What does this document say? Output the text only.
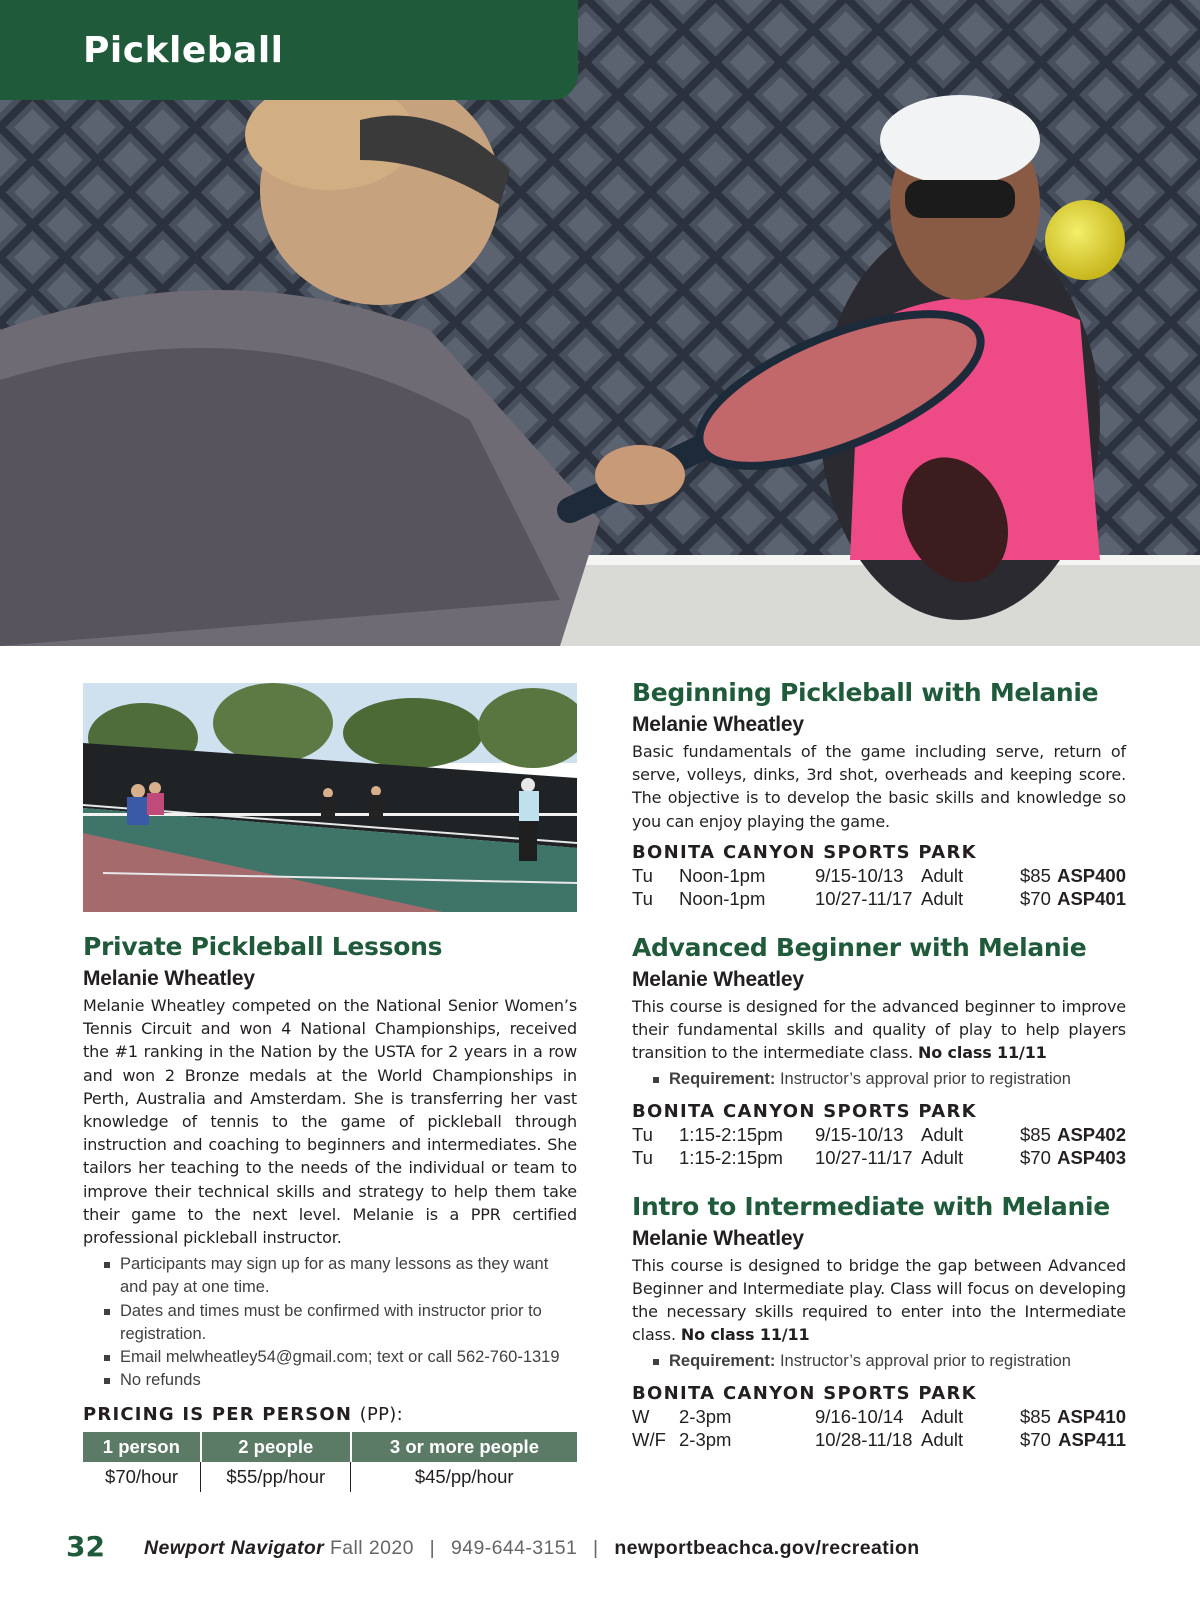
Pickleball
Private Pickleball Lessons
Melanie Wheatley
Melanie Wheatley competed on the National Senior Women’s Tennis Circuit and won 4 National Championships, received the #1 ranking in the Nation by the USTA for 2 years in a row and won 2 Bronze medals at the World Championships in Perth, Australia and Amsterdam. She is transferring her vast knowledge of tennis to the game of pickleball through instruction and coaching to beginners and intermediates. She tailors her teaching to the needs of the individual or team to improve their technical skills and strategy to help them take their game to the next level. Melanie is a PPR certified professional pickleball instructor.
Participants may sign up for as many lessons as they want and pay at one time.
Dates and times must be confirmed with instructor prior to registration.
Email melwheatley54@gmail.com; text or call 562-760-1319
No refunds
PRICING IS PER PERSON (PP):
1 person	2 people	3 or more people
$70/hour	$55/pp/hour	$45/pp/hour
Beginning Pickleball with Melanie
Melanie Wheatley
Basic fundamentals of the game including serve, return of serve, volleys, dinks, 3rd shot, overheads and keeping score. The objective is to develop the basic skills and knowledge so you can enjoy playing the game.
BONITA CANYON SPORTS PARK
Tu Noon-1pm	9/15-10/13 Adult	$85 ASP400
Tu Noon-1pm	10/27-11/17 Adult	$70 ASP401
Advanced Beginner with Melanie
Melanie Wheatley
This course is designed for the advanced beginner to improve their fundamental skills and quality of play to help players transition to the intermediate class. No class 11/11
Requirement: Instructor’s approval prior to registration
BONITA CANYON SPORTS PARK
Tu 1:15-2:15pm 9/15-10/13 Adult	$85 ASP402
Tu 1:15-2:15pm 10/27-11/17 Adult	$70 ASP403
Intro to Intermediate with Melanie
Melanie Wheatley
This course is designed to bridge the gap between Advanced Beginner and Intermediate play. Class will focus on developing the necessary skills required to enter into the Intermediate class. No class 11/11
Requirement: Instructor’s approval prior to registration
BONITA CANYON SPORTS PARK
W 2-3pm	9/16-10/14 Adult	$85 ASP410
W/F 2-3pm	10/28-11/18 Adult	$70 ASP411
32 Newport Navigator Fall 2020 | 949-644-3151 | newportbeachca.gov/recreation
